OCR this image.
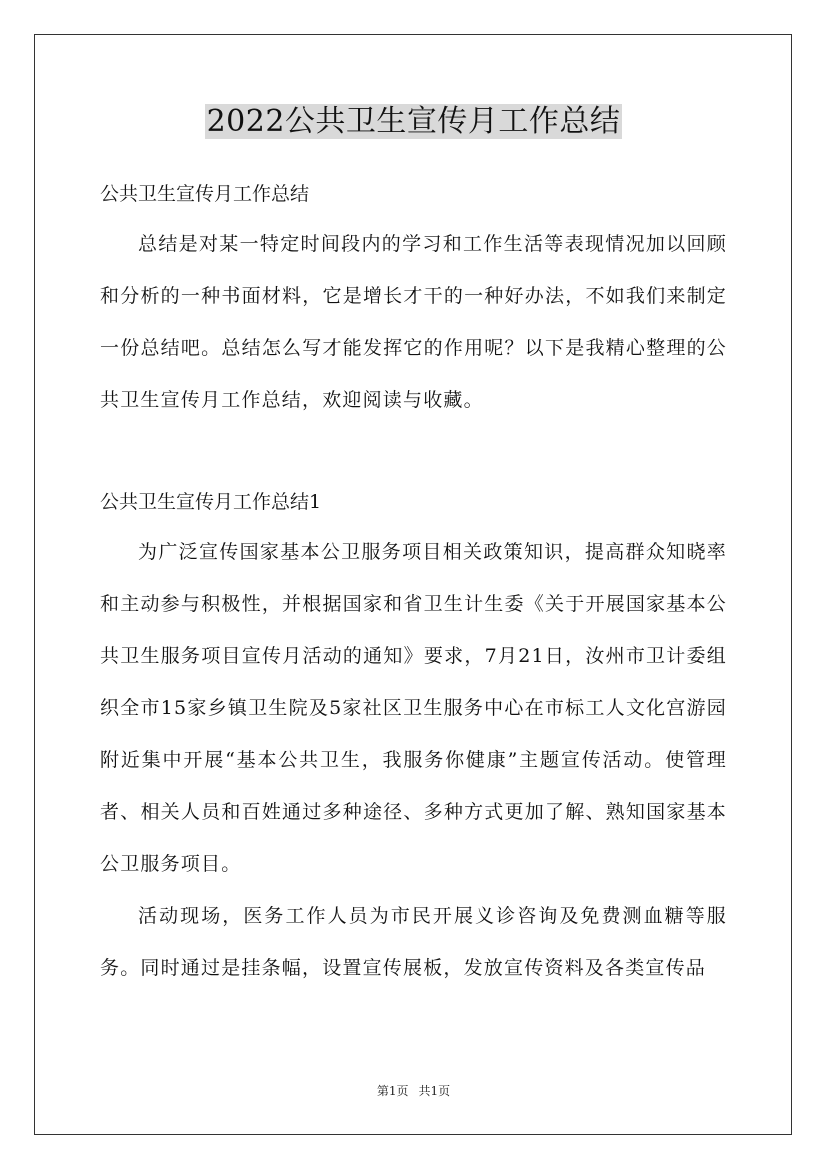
2022公共卫生宣传月工作总结

公共卫生宣传月工作总结

总结是对某一特定时间段内的学习和工作生活等表现情况加以回顾和分析的一种书面材料，它是增长才干的一种好办法，不如我们来制定一份总结吧。总结怎么写才能发挥它的作用呢？以下是我精心整理的公共卫生宣传月工作总结，欢迎阅读与收藏。

公共卫生宣传月工作总结1

为广泛宣传国家基本公卫服务项目相关政策知识，提高群众知晓率和主动参与积极性，并根据国家和省卫生计生委《关于开展国家基本公共卫生服务项目宣传月活动的通知》要求，7月21日，汝州市卫计委组织全市15家乡镇卫生院及5家社区卫生服务中心在市标工人文化宫游园附近集中开展“基本公共卫生，我服务你健康”主题宣传活动。使管理者、相关人员和百姓通过多种途径、多种方式更加了解、熟知国家基本公卫服务项目。

活动现场，医务工作人员为市民开展义诊咨询及免费测血糖等服务。同时通过是挂条幅，设置宣传展板，发放宣传资料及各类宣传品

第1页 共1页
